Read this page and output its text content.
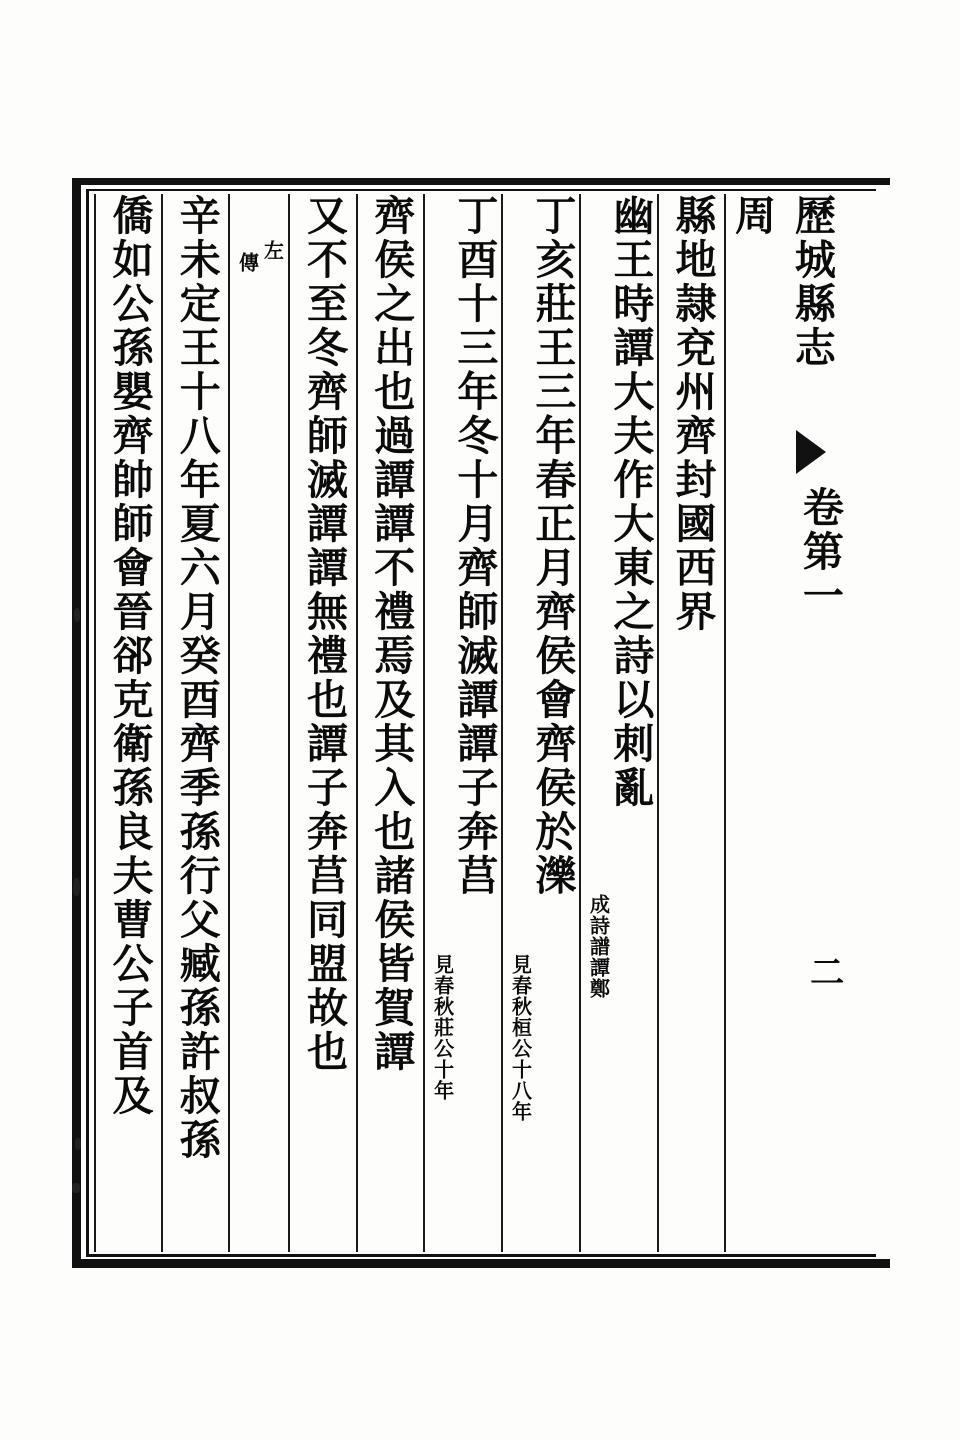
歷城縣志
卷第一
二
周
縣地隷兗州齊封國西界
幽王時譚大夫作大東之詩以刺亂
成詩譜譚鄭
丁亥莊王三年春正月齊侯會齊侯於濼
見春秋桓公十八年
丁酉十三年冬十月齊師滅譚譚子奔莒
見春秋莊公十年
齊侯之出也過譚譚不禮焉及其入也諸侯皆賀譚
又不至冬齊師滅譚譚無禮也譚子奔莒同盟故也
左
傳
辛未定王十八年夏六月癸酉齊季孫行父臧孫許叔孫
僑如公孫嬰齊帥師會晉郤克衛孫良夫曹公子首及
